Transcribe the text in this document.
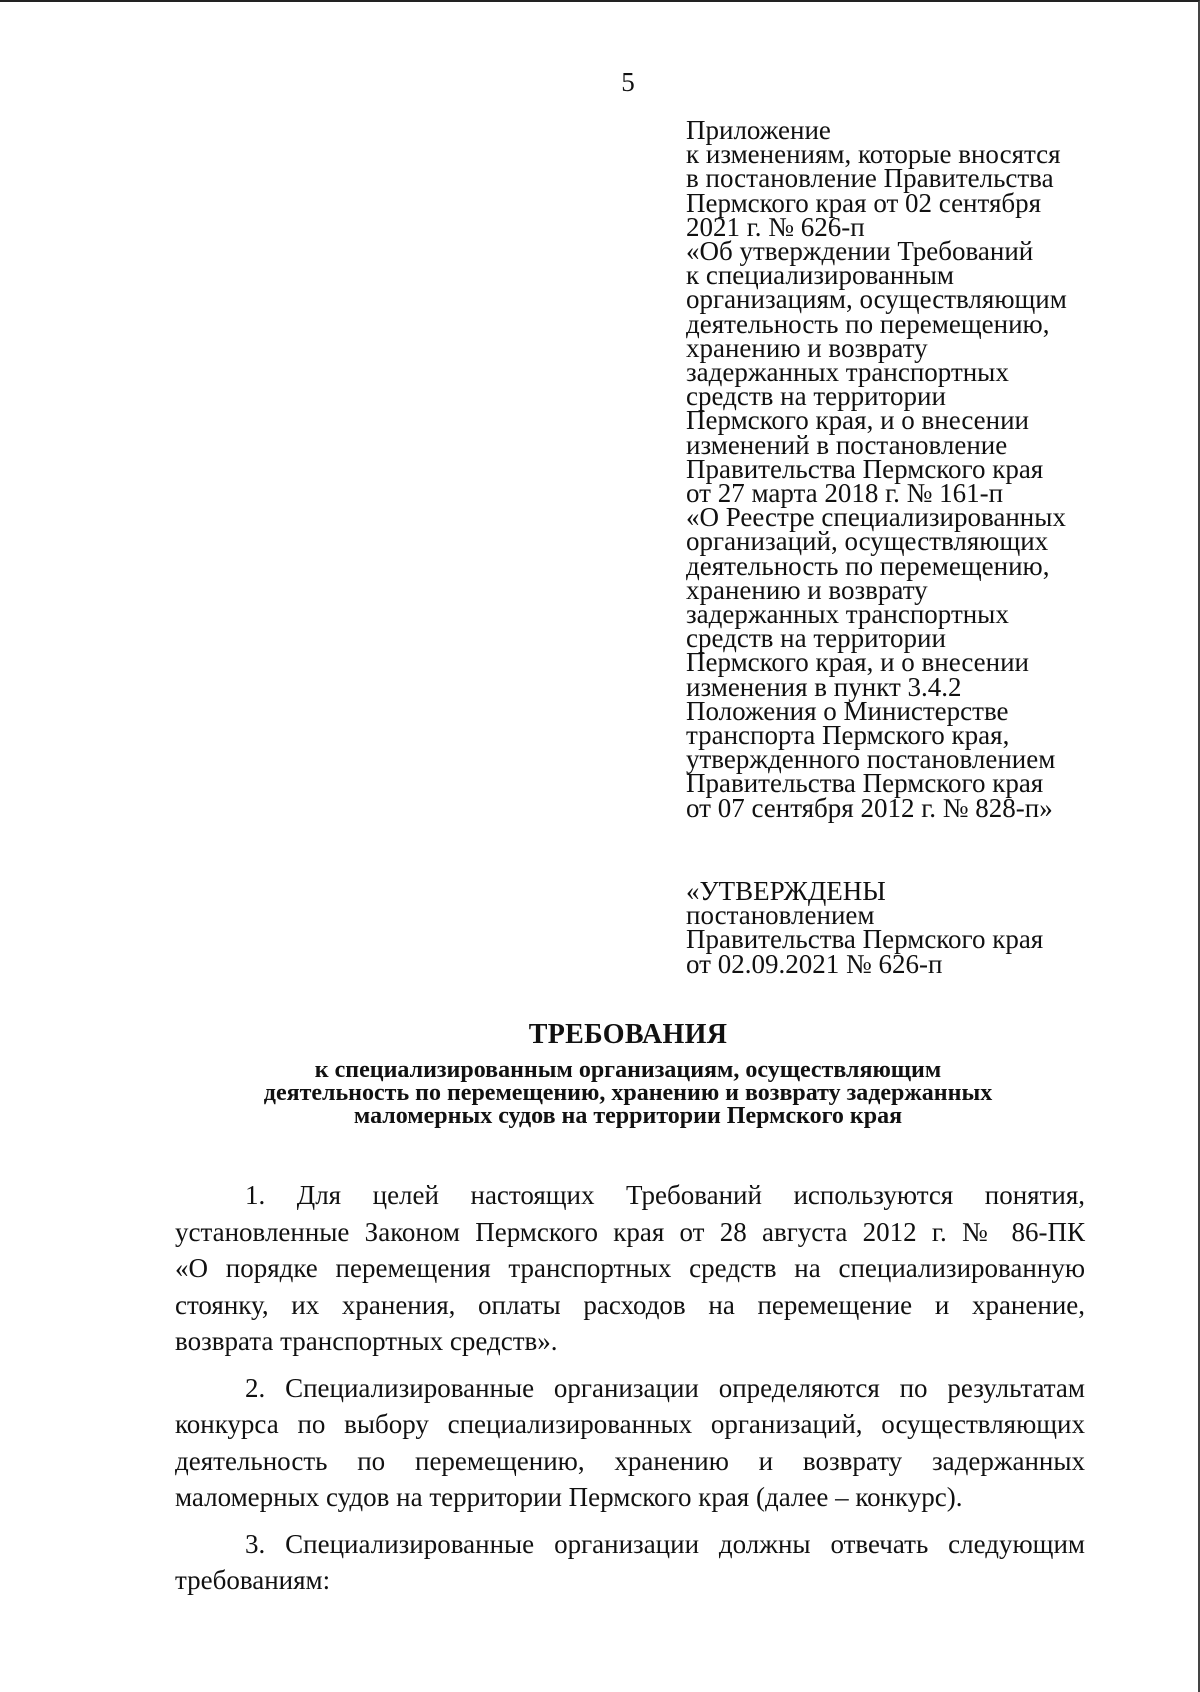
5
Приложение
к изменениям, которые вносятся
в постановление Правительства
Пермского края от 02 сентября
2021 г. № 626-п
«Об утверждении Требований
к специализированным
организациям, осуществляющим
деятельность по перемещению,
хранению и возврату
задержанных транспортных
средств на территории
Пермского края, и о внесении
изменений в постановление
Правительства Пермского края
от 27 марта 2018 г. № 161-п
«О Реестре специализированных
организаций, осуществляющих
деятельность по перемещению,
хранению и возврату
задержанных транспортных
средств на территории
Пермского края, и о внесении
изменения в пункт 3.4.2
Положения о Министерстве
транспорта Пермского края,
утвержденного постановлением
Правительства Пермского края
от 07 сентября 2012 г. № 828-п»
«УТВЕРЖДЕНЫ
постановлением
Правительства Пермского края
от 02.09.2021 № 626-п
ТРЕБОВАНИЯ
к специализированным организациям, осуществляющим
деятельность по перемещению, хранению и возврату задержанных
маломерных судов на территории Пермского края
1. Для целей настоящих Требований используются понятия,
установленные Законом Пермского края от 28 августа 2012 г. № 86-ПК
«О порядке перемещения транспортных средств на специализированную
стоянку, их хранения, оплаты расходов на перемещение и хранение,
возврата транспортных средств».
2. Специализированные организации определяются по результатам
конкурса по выбору специализированных организаций, осуществляющих
деятельность по перемещению, хранению и возврату задержанных
маломерных судов на территории Пермского края (далее – конкурс).
3. Специализированные организации должны отвечать следующим
требованиям:
